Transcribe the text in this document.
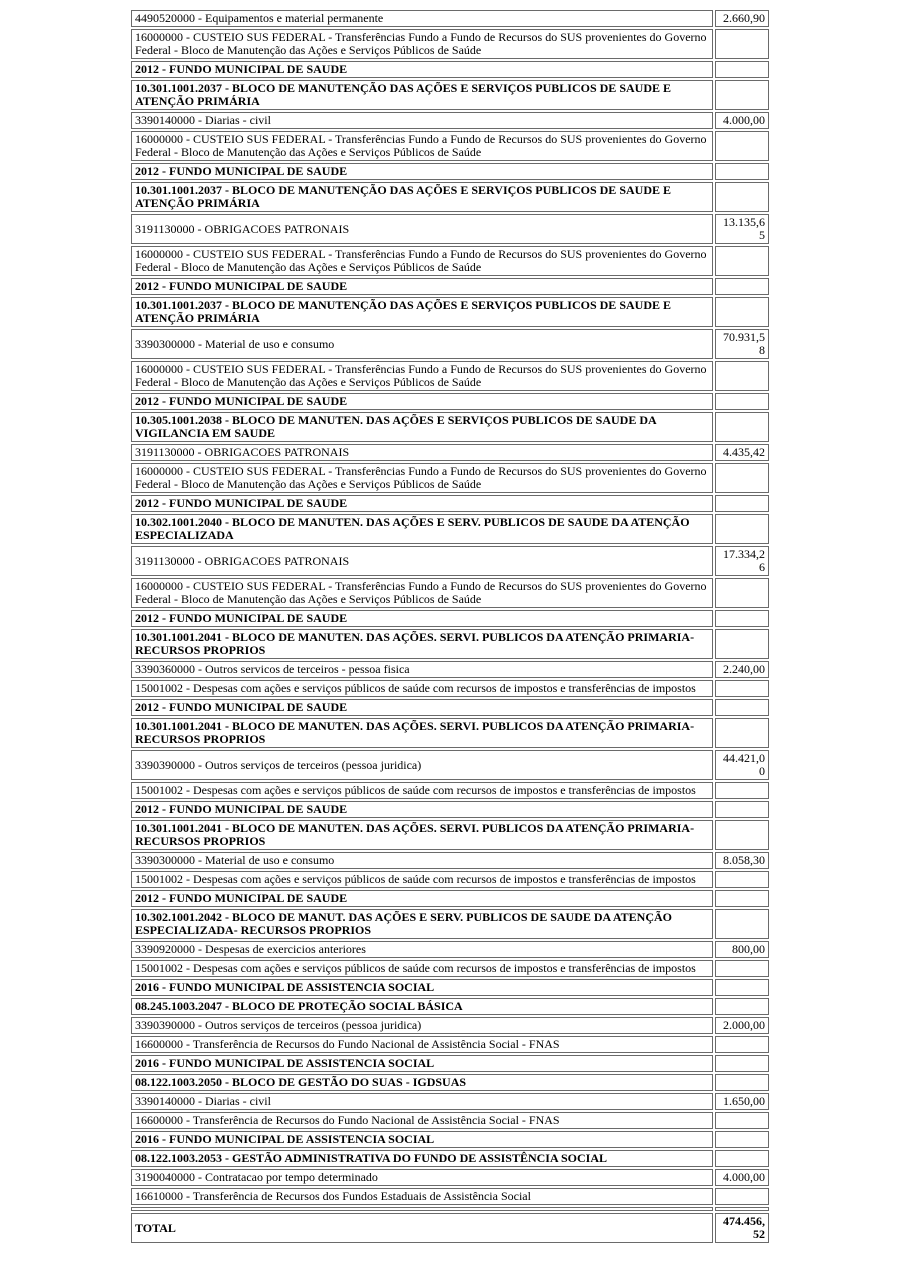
4490520000 - Equipamentos e material permanente	2.660,90
16000000 - CUSTEIO SUS FEDERAL - Transferências Fundo a Fundo de Recursos do SUS provenientes do Governo Federal - Bloco de Manutenção das Ações e Serviços Públicos de Saúde	
2012 - FUNDO MUNICIPAL DE SAUDE	
10.301.1001.2037 - BLOCO DE MANUTENÇÃO DAS AÇÕES E SERVIÇOS PUBLICOS DE SAUDE E ATENÇÃO PRIMÁRIA	
3390140000 - Diarias - civil	4.000,00
16000000 - CUSTEIO SUS FEDERAL - Transferências Fundo a Fundo de Recursos do SUS provenientes do Governo Federal - Bloco de Manutenção das Ações e Serviços Públicos de Saúde	
2012 - FUNDO MUNICIPAL DE SAUDE	
10.301.1001.2037 - BLOCO DE MANUTENÇÃO DAS AÇÕES E SERVIÇOS PUBLICOS DE SAUDE E ATENÇÃO PRIMÁRIA	
3191130000 - OBRIGACOES PATRONAIS	13.135,65
16000000 - CUSTEIO SUS FEDERAL - Transferências Fundo a Fundo de Recursos do SUS provenientes do Governo Federal - Bloco de Manutenção das Ações e Serviços Públicos de Saúde	
2012 - FUNDO MUNICIPAL DE SAUDE	
10.301.1001.2037 - BLOCO DE MANUTENÇÃO DAS AÇÕES E SERVIÇOS PUBLICOS DE SAUDE E ATENÇÃO PRIMÁRIA	
3390300000 - Material de uso e consumo	70.931,58
16000000 - CUSTEIO SUS FEDERAL - Transferências Fundo a Fundo de Recursos do SUS provenientes do Governo Federal - Bloco de Manutenção das Ações e Serviços Públicos de Saúde	
2012 - FUNDO MUNICIPAL DE SAUDE	
10.305.1001.2038 - BLOCO DE MANUTEN. DAS AÇÕES E SERVIÇOS PUBLICOS DE SAUDE DA VIGILANCIA EM SAUDE	
3191130000 - OBRIGACOES PATRONAIS	4.435,42
16000000 - CUSTEIO SUS FEDERAL - Transferências Fundo a Fundo de Recursos do SUS provenientes do Governo Federal - Bloco de Manutenção das Ações e Serviços Públicos de Saúde	
2012 - FUNDO MUNICIPAL DE SAUDE	
10.302.1001.2040 - BLOCO DE MANUTEN. DAS AÇÕES E SERV. PUBLICOS DE SAUDE DA ATENÇÃO ESPECIALIZADA	
3191130000 - OBRIGACOES PATRONAIS	17.334,26
16000000 - CUSTEIO SUS FEDERAL - Transferências Fundo a Fundo de Recursos do SUS provenientes do Governo Federal - Bloco de Manutenção das Ações e Serviços Públicos de Saúde	
2012 - FUNDO MUNICIPAL DE SAUDE	
10.301.1001.2041 - BLOCO DE MANUTEN. DAS AÇÕES. SERVI. PUBLICOS DA ATENÇÃO PRIMARIA- RECURSOS PROPRIOS	
3390360000 - Outros servicos de terceiros - pessoa fisica	2.240,00
15001002 - Despesas com ações e serviços públicos de saúde com recursos de impostos e transferências de impostos	
2012 - FUNDO MUNICIPAL DE SAUDE	
10.301.1001.2041 - BLOCO DE MANUTEN. DAS AÇÕES. SERVI. PUBLICOS DA ATENÇÃO PRIMARIA- RECURSOS PROPRIOS	
3390390000 - Outros serviços de terceiros (pessoa juridica)	44.421,00
15001002 - Despesas com ações e serviços públicos de saúde com recursos de impostos e transferências de impostos	
2012 - FUNDO MUNICIPAL DE SAUDE	
10.301.1001.2041 - BLOCO DE MANUTEN. DAS AÇÕES. SERVI. PUBLICOS DA ATENÇÃO PRIMARIA- RECURSOS PROPRIOS	
3390300000 - Material de uso e consumo	8.058,30
15001002 - Despesas com ações e serviços públicos de saúde com recursos de impostos e transferências de impostos	
2012 - FUNDO MUNICIPAL DE SAUDE	
10.302.1001.2042 - BLOCO DE MANUT. DAS AÇÕES E SERV. PUBLICOS DE SAUDE DA ATENÇÃO ESPECIALIZADA- RECURSOS PROPRIOS	
3390920000 - Despesas de exercicios anteriores	800,00
15001002 - Despesas com ações e serviços públicos de saúde com recursos de impostos e transferências de impostos	
2016 - FUNDO MUNICIPAL DE ASSISTENCIA SOCIAL	
08.245.1003.2047 - BLOCO DE PROTEÇÃO SOCIAL BÁSICA	
3390390000 - Outros serviços de terceiros (pessoa juridica)	2.000,00
16600000 - Transferência de Recursos do Fundo Nacional de Assistência Social - FNAS	
2016 - FUNDO MUNICIPAL DE ASSISTENCIA SOCIAL	
08.122.1003.2050 - BLOCO DE GESTÃO DO SUAS - IGDSUAS	
3390140000 - Diarias - civil	1.650,00
16600000 - Transferência de Recursos do Fundo Nacional de Assistência Social - FNAS	
2016 - FUNDO MUNICIPAL DE ASSISTENCIA SOCIAL	
08.122.1003.2053 - GESTÃO ADMINISTRATIVA DO FUNDO DE ASSISTÊNCIA SOCIAL	
3190040000 - Contratacao por tempo determinado	4.000,00
16610000 - Transferência de Recursos dos Fundos Estaduais de Assistência Social	

TOTAL	474.456,52
